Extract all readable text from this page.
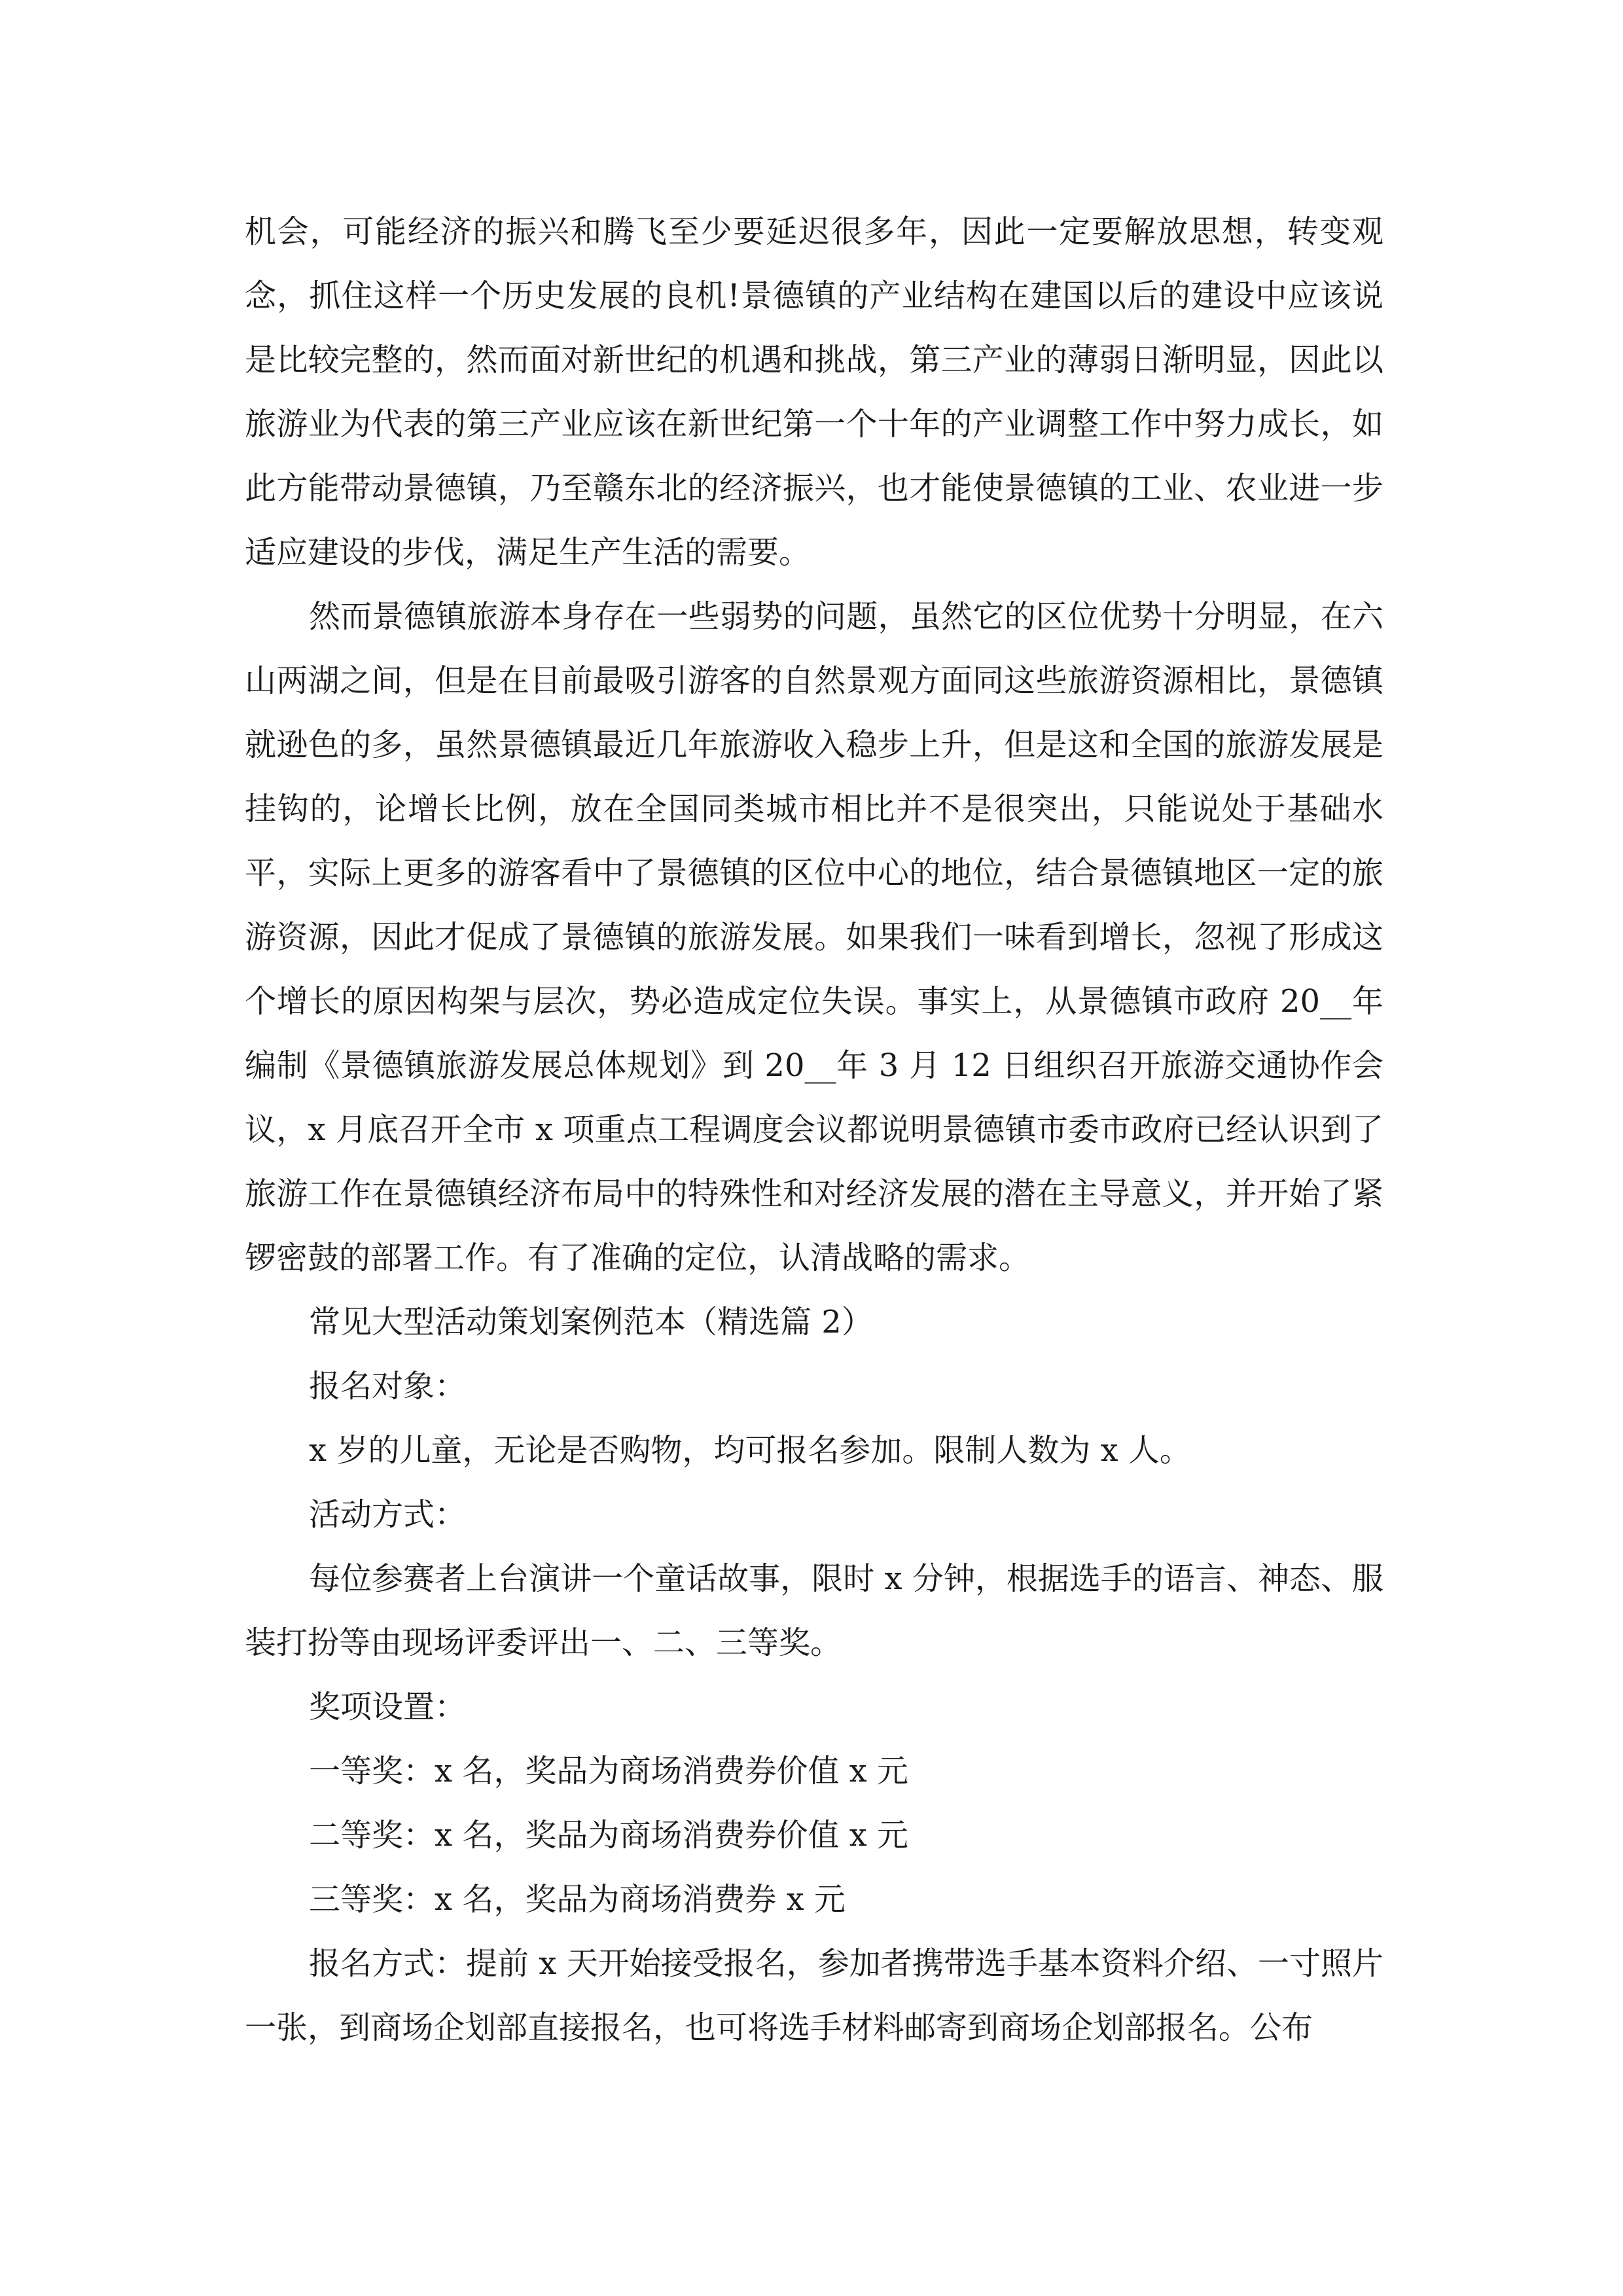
机会，可能经济的振兴和腾飞至少要延迟很多年，因此一定要解放思想，转变观念，抓住这样一个历史发展的良机!景德镇的产业结构在建国以后的建设中应该说是比较完整的，然而面对新世纪的机遇和挑战，第三产业的薄弱日渐明显，因此以旅游业为代表的第三产业应该在新世纪第一个十年的产业调整工作中努力成长，如此方能带动景德镇，乃至赣东北的经济振兴，也才能使景德镇的工业、农业进一步适应建设的步伐，满足生产生活的需要。

然而景德镇旅游本身存在一些弱势的问题，虽然它的区位优势十分明显，在六山两湖之间，但是在目前最吸引游客的自然景观方面同这些旅游资源相比，景德镇就逊色的多，虽然景德镇最近几年旅游收入稳步上升，但是这和全国的旅游发展是挂钩的，论增长比例，放在全国同类城市相比并不是很突出，只能说处于基础水平，实际上更多的游客看中了景德镇的区位中心的地位，结合景德镇地区一定的旅游资源，因此才促成了景德镇的旅游发展。如果我们一味看到增长，忽视了形成这个增长的原因构架与层次，势必造成定位失误。事实上，从景德镇市政府 20__年编制《景德镇旅游发展总体规划》到 20__年 3 月 12 日组织召开旅游交通协作会议，x 月底召开全市 x 项重点工程调度会议都说明景德镇市委市政府已经认识到了旅游工作在景德镇经济布局中的特殊性和对经济发展的潜在主导意义，并开始了紧锣密鼓的部署工作。有了准确的定位，认清战略的需求。

常见大型活动策划案例范本（精选篇 2）

报名对象：

x 岁的儿童，无论是否购物，均可报名参加。限制人数为 x 人。

活动方式：

每位参赛者上台演讲一个童话故事，限时 x 分钟，根据选手的语言、神态、服装打扮等由现场评委评出一、二、三等奖。

奖项设置：

一等奖：x 名，奖品为商场消费券价值 x 元

二等奖：x 名，奖品为商场消费券价值 x 元

三等奖：x 名，奖品为商场消费券 x 元

报名方式：提前 x 天开始接受报名，参加者携带选手基本资料介绍、一寸照片一张，到商场企划部直接报名，也可将选手材料邮寄到商场企划部报名。公布
